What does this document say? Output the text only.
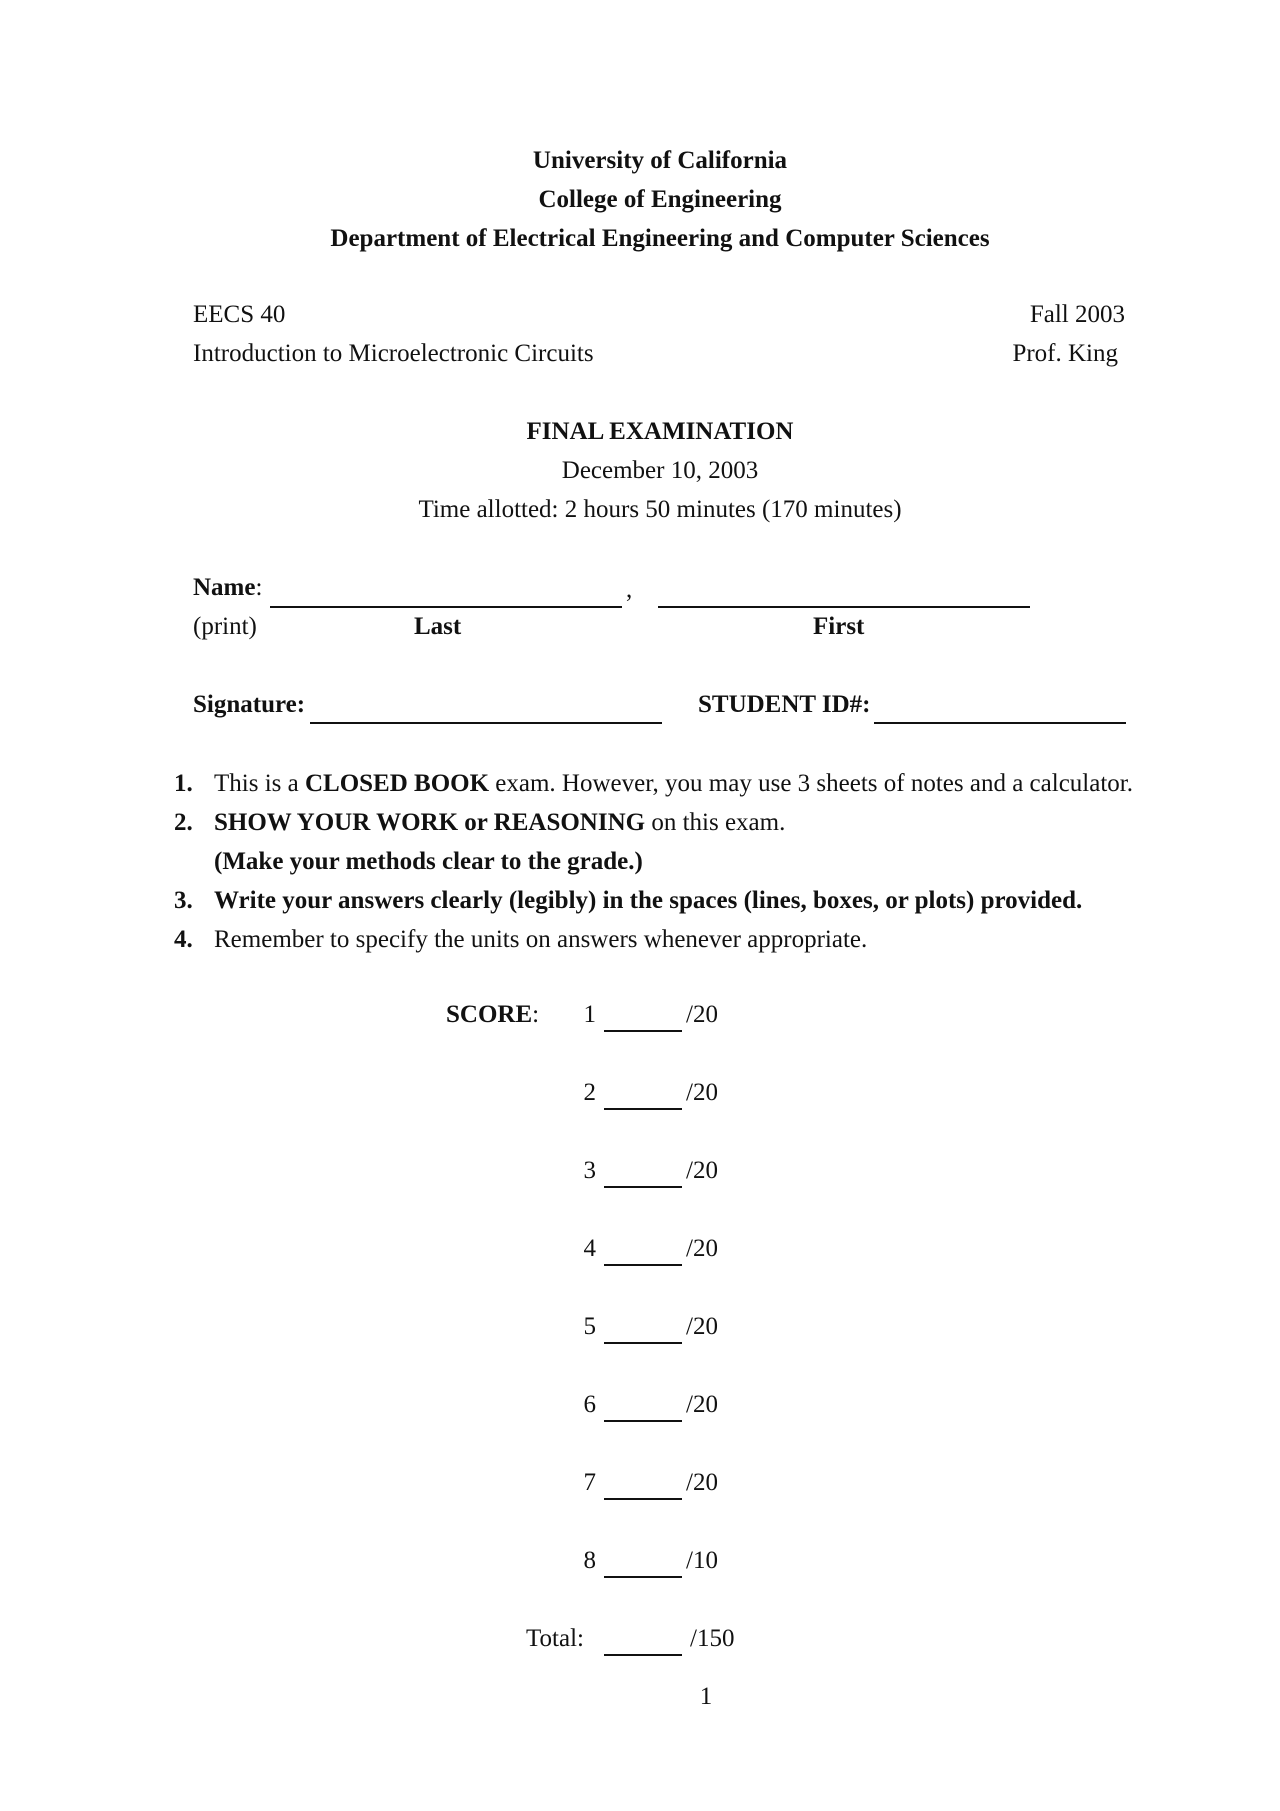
University of California
College of Engineering
Department of Electrical Engineering and Computer Sciences
EECS 40
Introduction to Microelectronic Circuits
Fall 2003
Prof. King
FINAL EXAMINATION
December 10, 2003
Time allotted: 2 hours 50 minutes (170 minutes)
Name:	,
(print)	Last	First
Signature:	STUDENT ID#:
1. This is a CLOSED BOOK exam. However, you may use 3 sheets of notes and a calculator.
2. SHOW YOUR WORK or REASONING on this exam.
(Make your methods clear to the grade.)
3. Write your answers clearly (legibly) in the spaces (lines, boxes, or plots) provided.
4. Remember to specify the units on answers whenever appropriate.
SCORE:	1	/20
2	/20
3	/20
4	/20
5	/20
6	/20
7	/20
8	/10
Total:	/150
1
